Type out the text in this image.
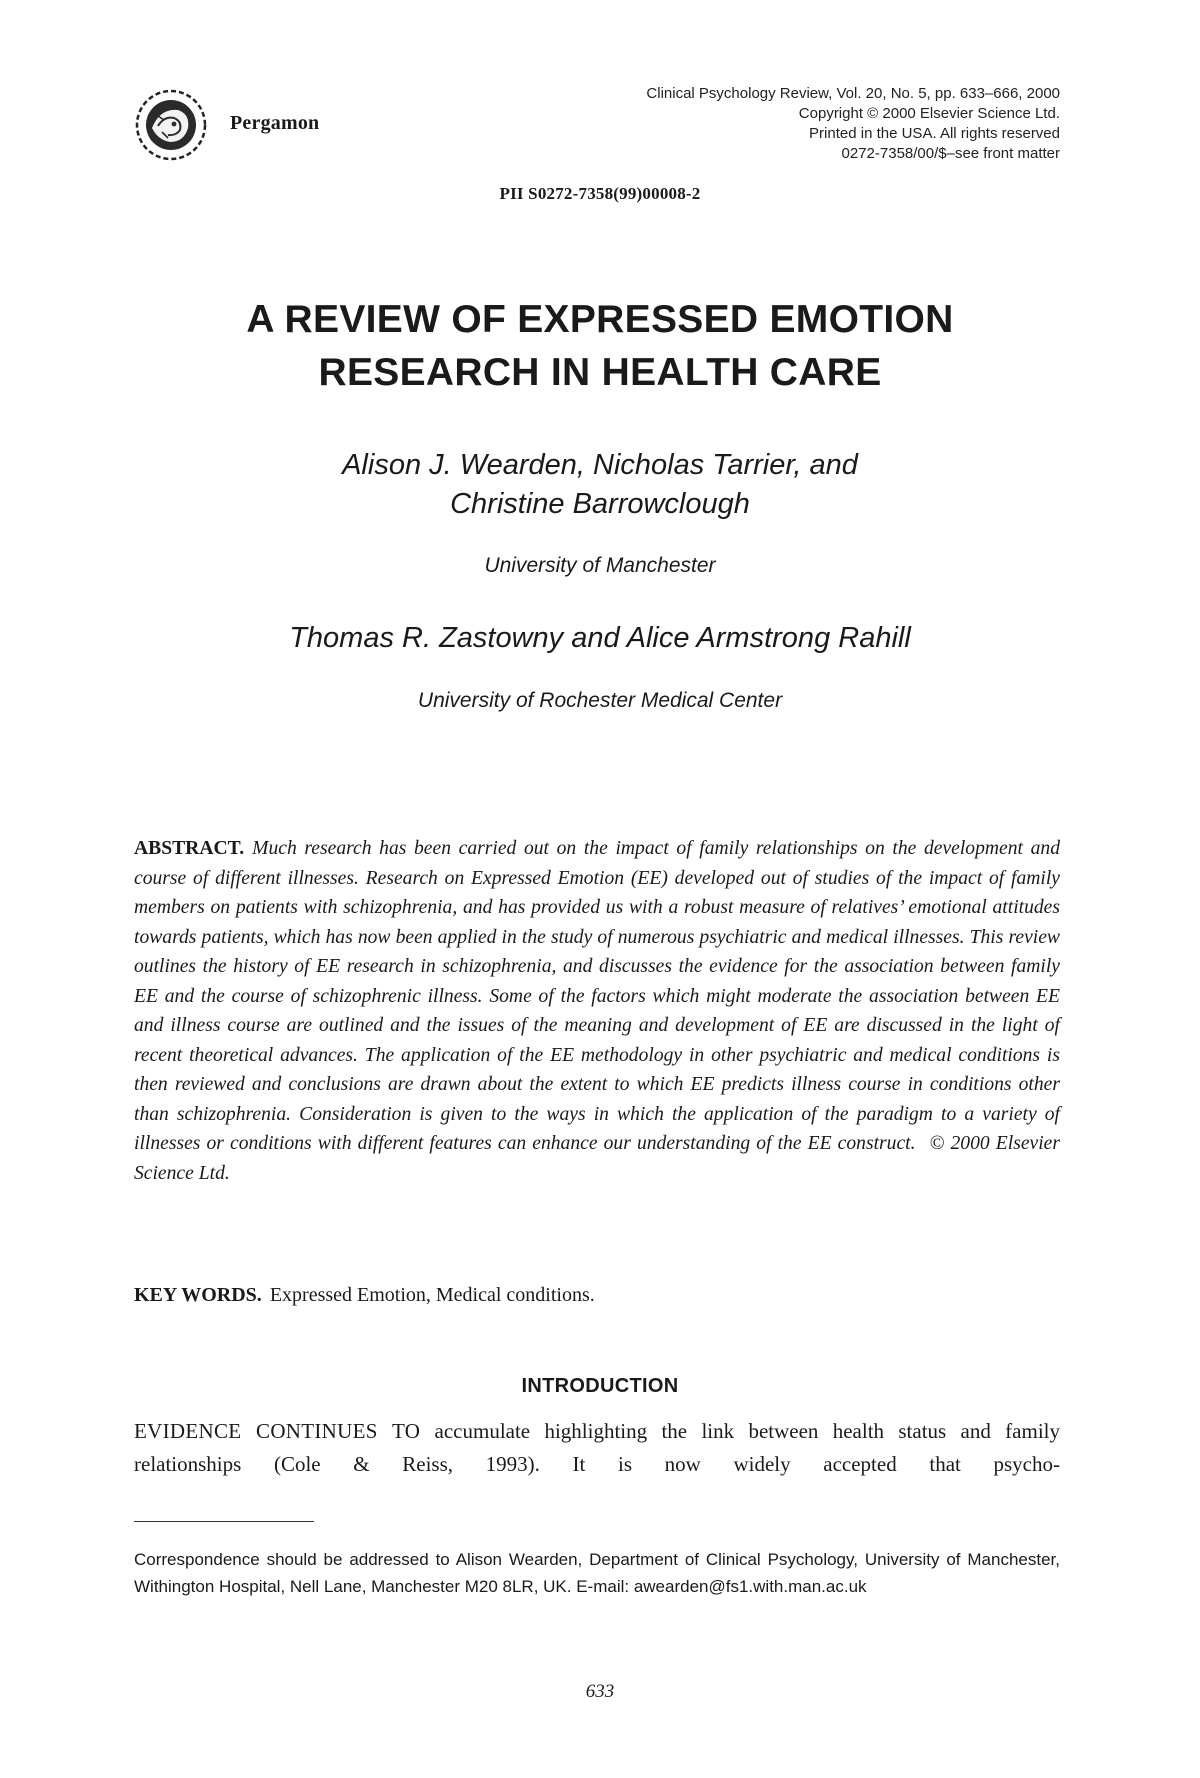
Pergamon
Clinical Psychology Review, Vol. 20, No. 5, pp. 633–666, 2000
Copyright © 2000 Elsevier Science Ltd.
Printed in the USA. All rights reserved
0272-7358/00/$–see front matter
PII S0272-7358(99)00008-2
A REVIEW OF EXPRESSED EMOTION
RESEARCH IN HEALTH CARE
Alison J. Wearden, Nicholas Tarrier, and
Christine Barrowclough
University of Manchester
Thomas R. Zastowny and Alice Armstrong Rahill
University of Rochester Medical Center
ABSTRACT. Much research has been carried out on the impact of family relationships on the development and course of different illnesses. Research on Expressed Emotion (EE) developed out of studies of the impact of family members on patients with schizophrenia, and has provided us with a robust measure of relatives’ emotional attitudes towards patients, which has now been applied in the study of numerous psychiatric and medical illnesses. This review outlines the history of EE research in schizophrenia, and discusses the evidence for the association between family EE and the course of schizophrenic illness. Some of the factors which might moderate the association between EE and illness course are outlined and the issues of the meaning and development of EE are discussed in the light of recent theoretical advances. The application of the EE methodology in other psychiatric and medical conditions is then reviewed and conclusions are drawn about the extent to which EE predicts illness course in conditions other than schizophrenia. Consideration is given to the ways in which the application of the paradigm to a variety of illnesses or conditions with different features can enhance our understanding of the EE construct. © 2000 Elsevier Science Ltd.
KEY WORDS. Expressed Emotion, Medical conditions.
INTRODUCTION
EVIDENCE CONTINUES TO accumulate highlighting the link between health status and family relationships (Cole & Reiss, 1993). It is now widely accepted that psycho-
Correspondence should be addressed to Alison Wearden, Department of Clinical Psychology, University of Manchester, Withington Hospital, Nell Lane, Manchester M20 8LR, UK. E-mail: awearden@fs1.with.man.ac.uk
633
